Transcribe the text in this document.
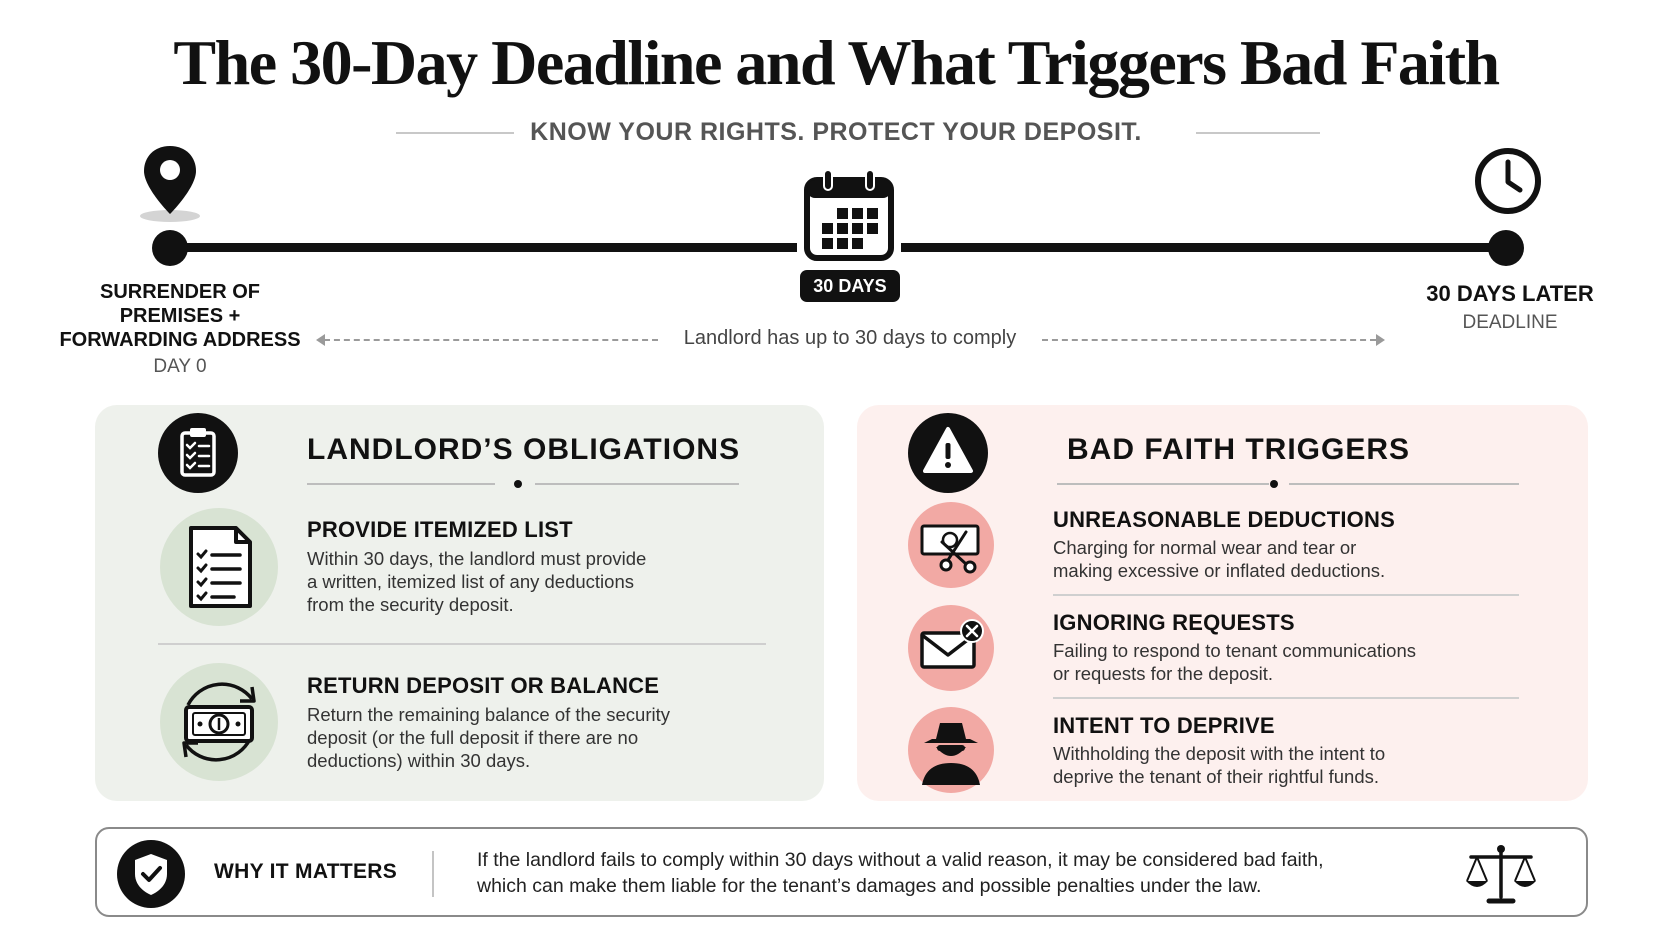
The 30-Day Deadline and What Triggers Bad Faith
KNOW YOUR RIGHTS. PROTECT YOUR DEPOSIT.
30 DAYS
SURRENDER OF
PREMISES +
FORWARDING ADDRESS
DAY 0
30 DAYS LATER
DEADLINE
Landlord has up to 30 days to comply
LANDLORD’S OBLIGATIONS
PROVIDE ITEMIZED LIST
Within 30 days, the landlord must provide
a written, itemized list of any deductions
from the security deposit.
RETURN DEPOSIT OR BALANCE
Return the remaining balance of the security
deposit (or the full deposit if there are no
deductions) within 30 days.
BAD FAITH TRIGGERS
UNREASONABLE DEDUCTIONS
Charging for normal wear and tear or
making excessive or inflated deductions.
IGNORING REQUESTS
Failing to respond to tenant communications
or requests for the deposit.
INTENT TO DEPRIVE
Withholding the deposit with the intent to
deprive the tenant of their rightful funds.
WHY IT MATTERS	If the landlord fails to comply within 30 days without a valid reason, it may be considered bad faith,
which can make them liable for the tenant’s damages and possible penalties under the law.
